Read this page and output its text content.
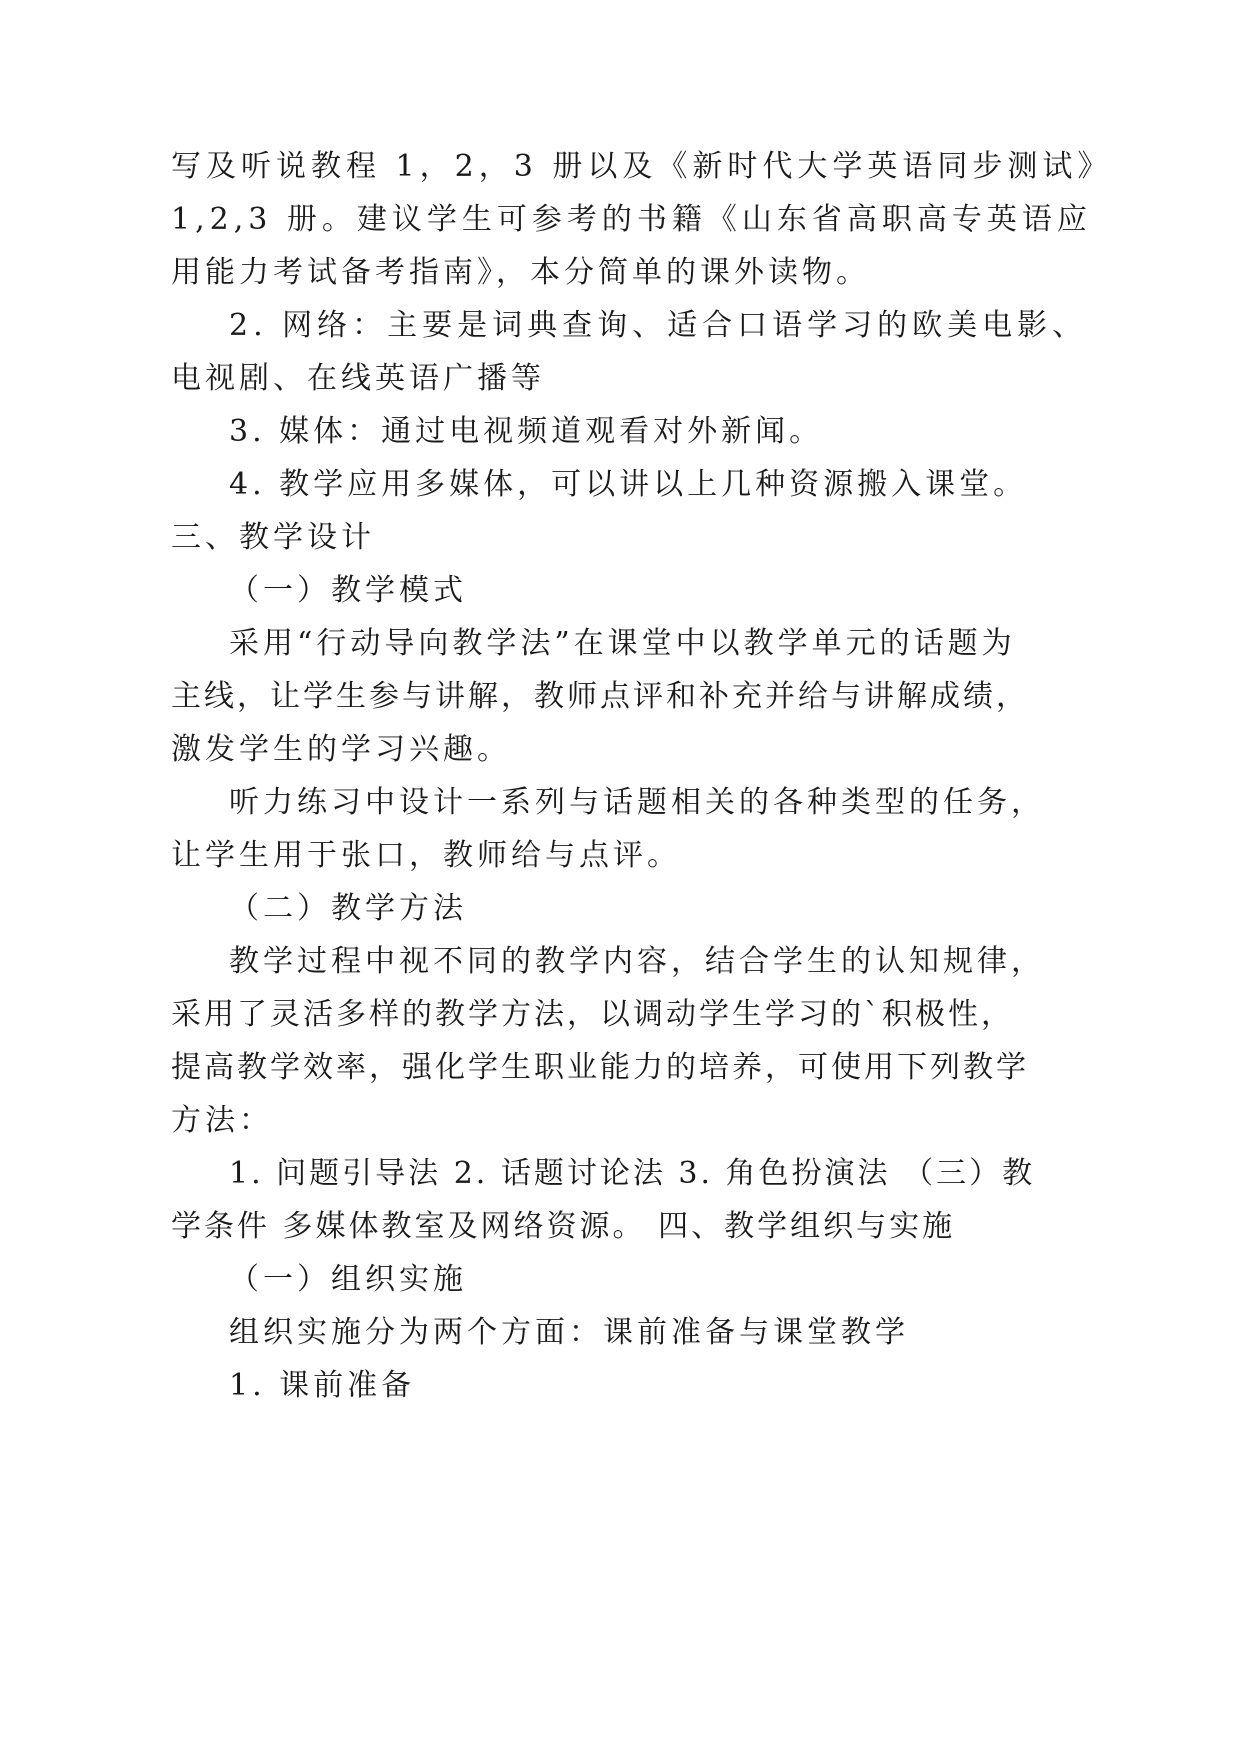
写及听说教程 1，2，3 册以及《新时代大学英语同步测试》
1,2,3 册。建议学生可参考的书籍《山东省高职高专英语应
用能力考试备考指南》，本分简单的课外读物。
2. 网络：主要是词典查询、适合口语学习的欧美电影、
电视剧、在线英语广播等
3. 媒体：通过电视频道观看对外新闻。
4. 教学应用多媒体，可以讲以上几种资源搬入课堂。
三、教学设计
（一）教学模式
采用“行动导向教学法”在课堂中以教学单元的话题为
主线，让学生参与讲解，教师点评和补充并给与讲解成绩，
激发学生的学习兴趣。
听力练习中设计一系列与话题相关的各种类型的任务，
让学生用于张口，教师给与点评。
（二）教学方法
教学过程中视不同的教学内容，结合学生的认知规律，
采用了灵活多样的教学方法，以调动学生学习的`积极性，
提高教学效率，强化学生职业能力的培养，可使用下列教学
方法：
1. 问题引导法 2. 话题讨论法 3. 角色扮演法 （三）教
学条件 多媒体教室及网络资源。 四、教学组织与实施
（一）组织实施
组织实施分为两个方面：课前准备与课堂教学
1. 课前准备
